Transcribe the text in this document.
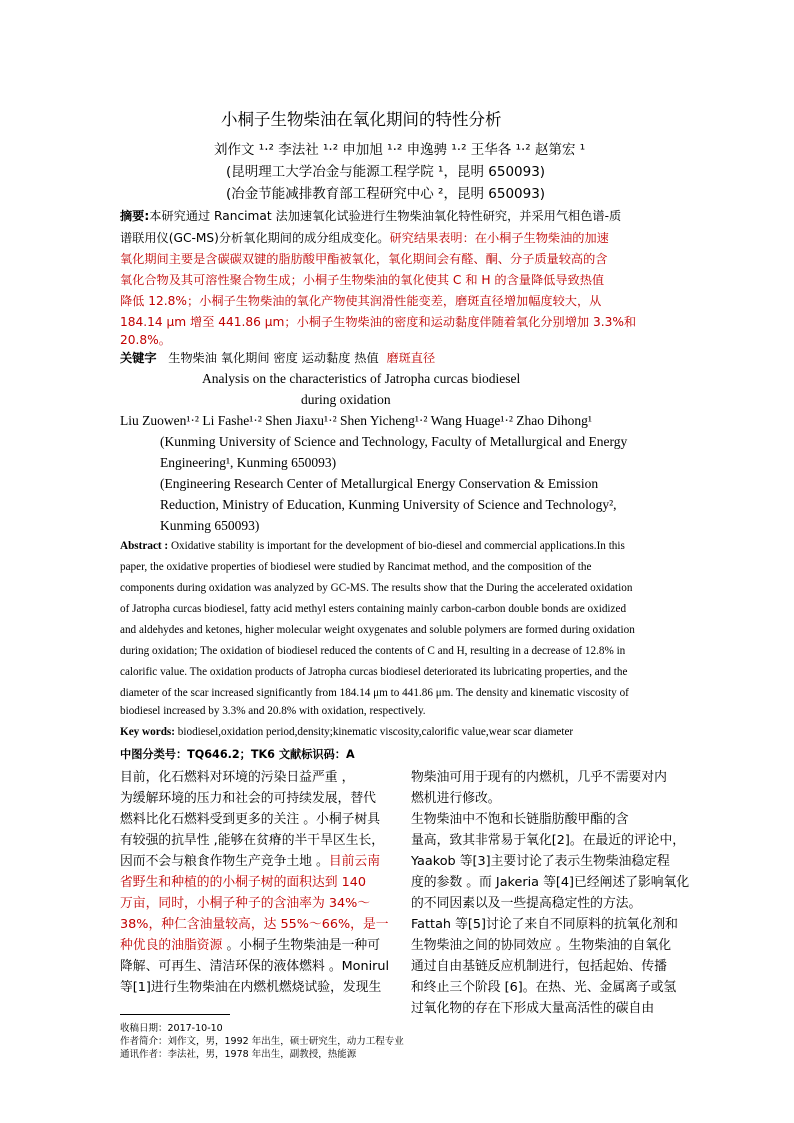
小桐子生物柴油在氧化期间的特性分析
刘作文 ¹·² 李法社 ¹·² 申加旭 ¹·² 申逸骋 ¹·² 王华各 ¹·² 赵第宏 ¹
(昆明理工大学冶金与能源工程学院 ¹，昆明 650093)
(冶金节能减排教育部工程研究中心 ²，昆明 650093)
摘要:本研究通过 Rancimat 法加速氧化试验进行生物柴油氧化特性研究，并采用气相色谱-质
谱联用仪(GC-MS)分析氧化期间的成分组成变化。研究结果表明：在小桐子生物柴油的加速
氧化期间主要是含碳碳双键的脂肪酸甲酯被氧化，氧化期间会有醛、酮、分子质量较高的含
氧化合物及其可溶性聚合物生成；小桐子生物柴油的氧化使其 C 和 H 的含量降低导致热值
降低 12.8%；小桐子生物柴油的氧化产物使其润滑性能变差，磨斑直径增加幅度较大，从
184.14 μm 增至 441.86 μm；小桐子生物柴油的密度和运动黏度伴随着氧化分别增加 3.3%和
20.8%。
关键字 生物柴油 氧化期间 密度 运动黏度 热值 磨斑直径
Analysis on the characteristics of Jatropha curcas biodiesel
during oxidation
Liu Zuowen¹·² Li Fashe¹·² Shen Jiaxu¹·² Shen Yicheng¹·² Wang Huage¹·² Zhao Dihong¹
(Kunming University of Science and Technology, Faculty of Metallurgical and Energy
Engineering¹, Kunming 650093)
(Engineering Research Center of Metallurgical Energy Conservation & Emission
Reduction, Ministry of Education, Kunming University of Science and Technology²,
Kunming 650093)
Abstract : Oxidative stability is important for the development of bio-diesel and commercial applications.In this
paper, the oxidative properties of biodiesel were studied by Rancimat method, and the composition of the
components during oxidation was analyzed by GC-MS. The results show that the During the accelerated oxidation
of Jatropha curcas biodiesel, fatty acid methyl esters containing mainly carbon-carbon double bonds are oxidized
and aldehydes and ketones, higher molecular weight oxygenates and soluble polymers are formed during oxidation
during oxidation; The oxidation of biodiesel reduced the contents of C and H, resulting in a decrease of 12.8% in
calorific value. The oxidation products of Jatropha curcas biodiesel deteriorated its lubricating properties, and the
diameter of the scar increased significantly from 184.14 μm to 441.86 μm. The density and kinematic viscosity of
biodiesel increased by 3.3% and 20.8% with oxidation, respectively.
Key words: biodiesel,oxidation period,density;kinematic viscosity,calorific value,wear scar diameter
中图分类号：TQ646.2；TK6 文献标识码：A
目前，化石燃料对环境的污染日益严重 ，
为缓解环境的压力和社会的可持续发展，替代
燃料比化石燃料受到更多的关注 。小桐子树具
有较强的抗旱性 ,能够在贫瘠的半干旱区生长，
因而不会与粮食作物生产竞争土地 。目前云南
省野生和种植的的小桐子树的面积达到 140
万亩，同时，小桐子种子的含油率为 34%～
38%，种仁含油量较高，达 55%～66%，是一
种优良的油脂资源 。小桐子生物柴油是一种可
降解、可再生、清洁环保的液体燃料 。Monirul
等[1]进行生物柴油在内燃机燃烧试验，发现生
物柴油可用于现有的内燃机，几乎不需要对内
燃机进行修改。
生物柴油中不饱和长链脂肪酸甲酯的含
量高，致其非常易于氧化[2]。在最近的评论中，
Yaakob 等[3]主要讨论了表示生物柴油稳定程
度的参数 。而 Jakeria 等[4]已经阐述了影响氧化
的不同因素以及一些提高稳定性的方法。
Fattah 等[5]讨论了来自不同原料的抗氧化剂和
生物柴油之间的协同效应 。生物柴油的自氧化
通过自由基链反应机制进行，包括起始、传播
和终止三个阶段 [6]。在热、光、金属离子或氢
过氧化物的存在下形成大量高活性的碳自由
收稿日期：2017-10-10
作者简介：刘作文，男，1992 年出生，硕士研究生，动力工程专业
通讯作者：李法社，男，1978 年出生，副教授，热能源
